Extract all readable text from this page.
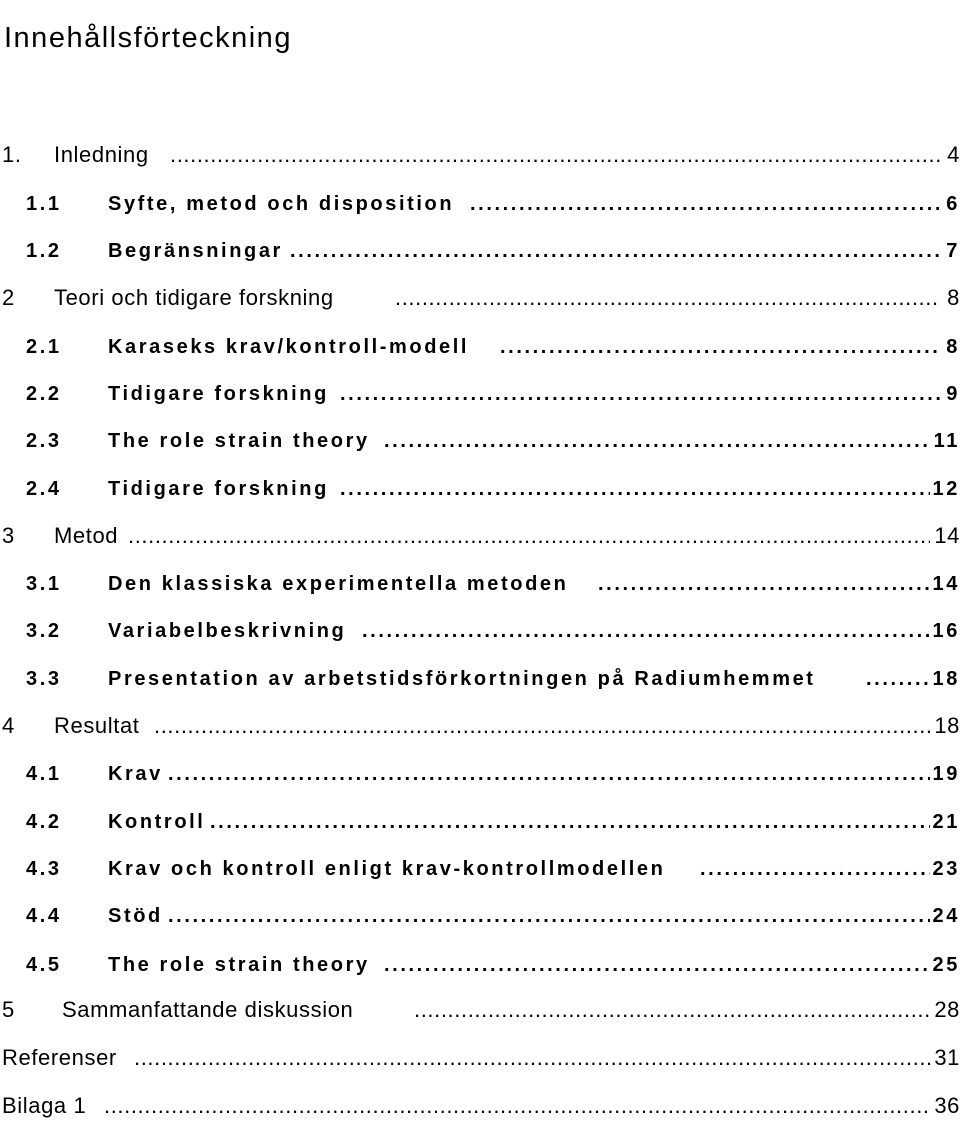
Innehållsförteckning
1. Inledning .....	4
1.1 Syfte, metod och disposition .....	6
1.2 Begränsningar .....	7
2 Teori och tidigare forskning .....	8
2.1 Karaseks krav/kontroll-modell .....	8
2.2 Tidigare forskning .....	9
2.3 The role strain theory .....	11
2.4 Tidigare forskning .....	12
3 Metod .....	14
3.1 Den klassiska experimentella metoden .....	14
3.2 Variabelbeskrivning .....	16
3.3 Presentation av arbetstidsförkortningen på Radiumhemmet .....	18
4 Resultat .....	18
4.1 Krav .....	19
4.2 Kontroll .....	21
4.3 Krav och kontroll enligt krav-kontrollmodellen .....	23
4.4 Stöd .....	24
4.5 The role strain theory .....	25
5 Sammanfattande diskussion .....	28
Referenser .....	31
Bilaga 1 .....	36
